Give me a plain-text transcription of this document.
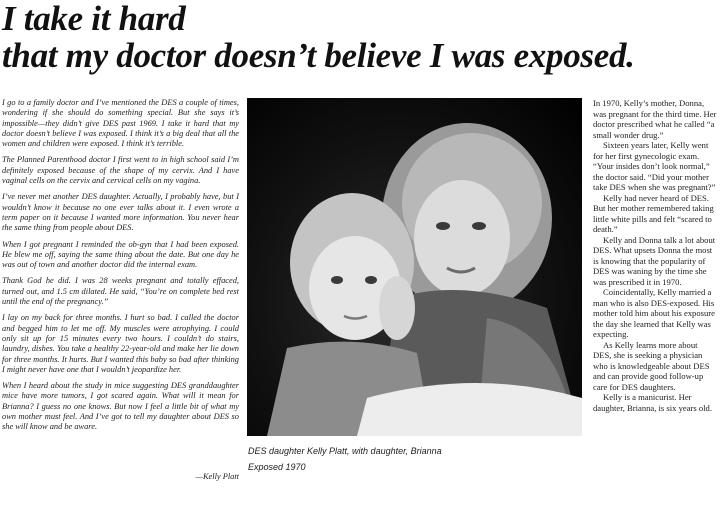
I take it hard
that my doctor doesn’t believe I was exposed.

I go to a family doctor and I’ve mentioned the DES a couple of times, wondering if she should do something special. But she says it’s impossible—they didn’t give DES past 1969. I take it hard that my doctor doesn’t believe I was exposed. I think it’s a big deal that all the women and children were exposed. I think it’s terrible.

The Planned Parenthood doctor I first went to in high school said I’m definitely exposed because of the shape of my cervix. And I have vaginal cells on the cervix and cervical cells on my vagina.

I’ve never met another DES daughter. Actually, I probably have, but I wouldn’t know it because no one ever talks about it. I even wrote a term paper on it because I wanted more information. You never hear the same thing from people about DES.

When I got pregnant I reminded the ob-gyn that I had been exposed. He blew me off, saying the same thing about the date. But one day he was out of town and another doctor did the internal exam.

Thank God he did. I was 28 weeks pregnant and totally effaced, turned out, and 1.5 cm dilated. He said, “You’re on complete bed rest until the end of the pregnancy.”

I lay on my back for three months. I hurt so bad. I called the doctor and begged him to let me off. My muscles were atrophying. I could only sit up for 15 minutes every two hours. I couldn’t do stairs, laundry, dishes. You take a healthy 22-year-old and make her lie down for three months. It hurts. But I wanted this baby so bad after thinking I might never have one that I wouldn’t jeopardize her.

When I heard about the study in mice suggesting DES granddaughter mice have more tumors, I got scared again. What will it mean for Brianna? I guess no one knows. But now I feel a little bit of what my own mother must feel. And I’ve got to tell my daughter about DES so she will know and be aware.

—Kelly Platt
DES daughter Kelly Platt, with daughter, Brianna
Exposed 1970

In 1970, Kelly’s mother, Donna, was pregnant for the third time. Her doctor prescribed what he called “a small wonder drug.”

Sixteen years later, Kelly went for her first gynecologic exam. “Your insides don’t look normal,” the doctor said. “Did your mother take DES when she was pregnant?”

Kelly had never heard of DES. But her mother remembered taking little white pills and felt “scared to death.”

Kelly and Donna talk a lot about DES. What upsets Donna the most is knowing that the popularity of DES was waning by the time she was prescribed it in 1970.

Coincidentally, Kelly married a man who is also DES-exposed. His mother told him about his exposure the day she learned that Kelly was expecting.

As Kelly learns more about DES, she is seeking a physician who is knowledgeable about DES and can provide good follow-up care for DES daughters.

Kelly is a manicurist. Her daughter, Brianna, is six years old.
